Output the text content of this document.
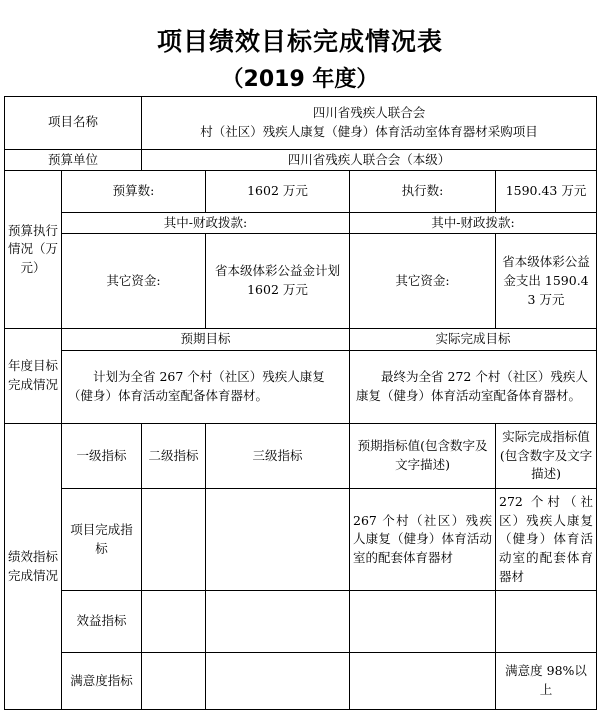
项目绩效目标完成情况表
（2019 年度）
项目名称		四川省残疾人联合会
村（社区）残疾人康复（健身）体育活动室体育器材采购项目			

预算单位		四川省残疾人联合会（本级）			
预算执行情况（万元）	预算数:		1602 万元	执行数:	1590.43 万元
	其中-财政拨款:			其中-财政拨款:	
	其它资金:		省本级体彩公益金计划 1602 万元	其它资金:	省本级体彩公益金支出 1590.43 万元
年度目标完成情况	预期目标			实际完成目标	
	计划为全省 267 个村（社区）残疾人康复（健身）体育活动室配备体育器材。			最终为全省 272 个村（社区）残疾人康复（健身）体育活动室配备体育器材。	
绩效指标完成情况	一级指标	二级指标	三级指标	预期指标值(包含数字及文字描述)	实际完成指标值(包含数字及文字描述)
	项目完成指标			267 个村（社区）残疾人康复（健身）体育活动室的配套体育器材	272 个村（社区）残疾人康复（健身）体育活动室的配套体育器材
	效益指标				
	满意度指标				满意度 98%以上
